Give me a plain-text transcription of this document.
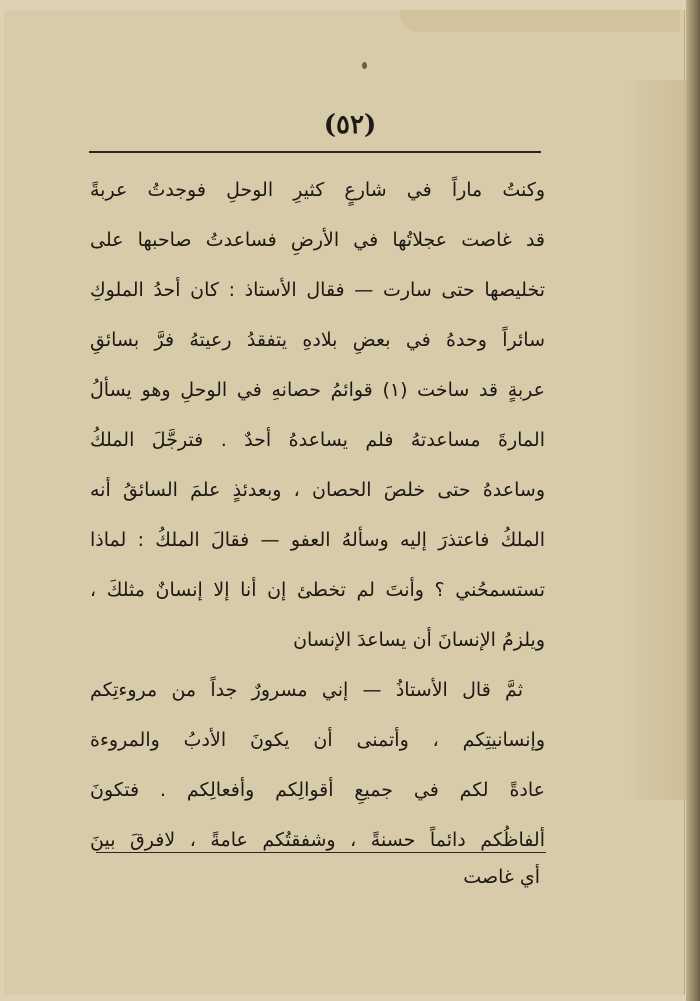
(٥٢)
وكنتُ ماراً في شارعٍ كثيرِ الوحلِ فوجدتُ عربةً
قد غاصت عجلاتُها في الأرضِ فساعدتُ صاحبها على
تخليصها حتى سارت — فقال الأستاذ : كان أحدُ الملوكِ
سائراً وحدهُ في بعضِ بلادهِ يتفقدُ رعيتهُ فرَّ بسائقِ
عربةٍ قد ساخت (١) قوائمُ حصانهِ في الوحلِ وهو يسألُ
المارةَ مساعدتهُ فلم يساعدهُ أحدٌ . فترجَّلَ الملكُ
وساعدهُ حتى خلصَ الحصان ، وبعدئذٍ علمَ السائقُ أنه
الملكُ فاعتذرَ إليه وسألهُ العفو — فقالَ الملكُ : لماذا
تستسمحُني ؟ وأنتَ لم تخطئ إن أنا إلا إنسانٌ مثلكَ ،
ويلزمُ الإنسانَ أن يساعدَ الإنسان
ثمَّ قال الأستاذُ — إني مسرورٌ جداً من مروءتِكم
وإنسانيتِكم ، وأتمنى أن يكونَ الأدبُ والمروءة
عادةً لكم في جميعِ أقوالِكم وأفعالِكم . فتكونَ
ألفاظُكم دائماً حسنةً ، وشفقتُكم عامةً ، لافرقَ بينَ
أي غاصت
